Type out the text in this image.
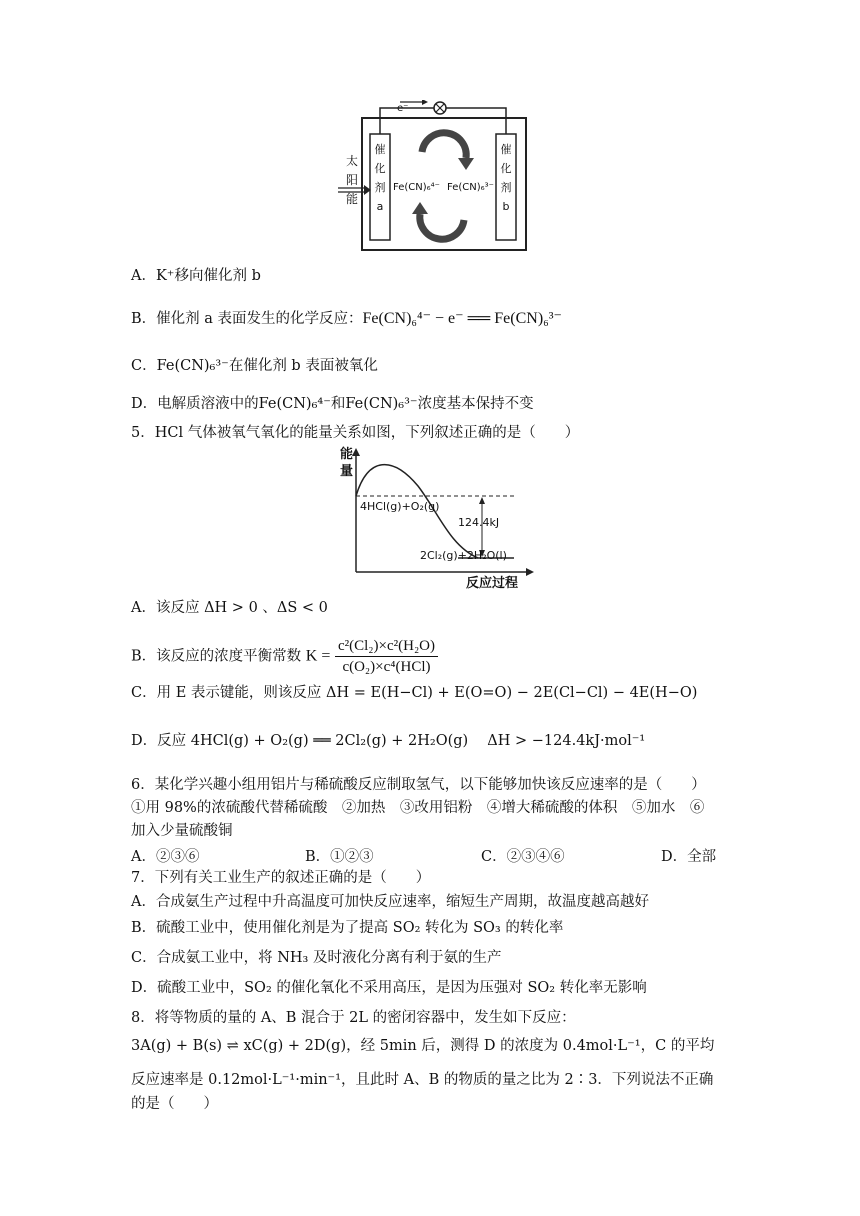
e⁻
太
阳
能
催
化
剂
a
催
化
剂
b
Fe(CN)₆⁴⁻ Fe(CN)₆³⁻
A．K⁺移向催化剂 b
B．催化剂 a 表面发生的化学反应：Fe(CN)₆⁴⁻ − e⁻ ══ Fe(CN)₆³⁻
C．Fe(CN)₆³⁻在催化剂 b 表面被氧化
D．电解质溶液中的Fe(CN)₆⁴⁻和Fe(CN)₆³⁻浓度基本保持不变
5．HCl 气体被氧气氧化的能量关系如图，下列叙述正确的是（　　）
能
量
4HCl(g)+O₂(g)
124.4kJ
2Cl₂(g)+2H₂O(l)
反应过程
A．该反应 ΔH > 0 、ΔS < 0
B．该反应的浓度平衡常数 K =
c²(Cl₂)×c²(H₂O)
c(O₂)×c⁴(HCl)
C．用 E 表示键能，则该反应 ΔH = E(H−Cl) + E(O=O) − 2E(Cl−Cl) − 4E(H−O)
D．反应 4HCl(g) + O₂(g) ══ 2Cl₂(g) + 2H₂O(g)　 ΔH > −124.4kJ·mol⁻¹
6．某化学兴趣小组用铝片与稀硫酸反应制取氢气，以下能够加快该反应速率的是（　　）
①用 98%的浓硫酸代替稀硫酸　②加热　③改用铝粉　④增大稀硫酸的体积　⑤加水　⑥
加入少量硫酸铜
A．②③⑥	B．①②③	C．②③④⑥	D．全部
7．下列有关工业生产的叙述正确的是（　　）
A．合成氨生产过程中升高温度可加快反应速率，缩短生产周期，故温度越高越好
B．硫酸工业中，使用催化剂是为了提高 SO₂ 转化为 SO₃ 的转化率
C．合成氨工业中，将 NH₃ 及时液化分离有利于氨的生产
D．硫酸工业中，SO₂ 的催化氧化不采用高压，是因为压强对 SO₂ 转化率无影响
8．将等物质的量的 A、B 混合于 2L 的密闭容器中，发生如下反应：
3A(g) + B(s) ⇌ xC(g) + 2D(g)，经 5min 后，测得 D 的浓度为 0.4mol·L⁻¹，C 的平均
反应速率是 0.12mol·L⁻¹·min⁻¹，且此时 A、B 的物质的量之比为 2∶3．下列说法不正确
的是（　　）
